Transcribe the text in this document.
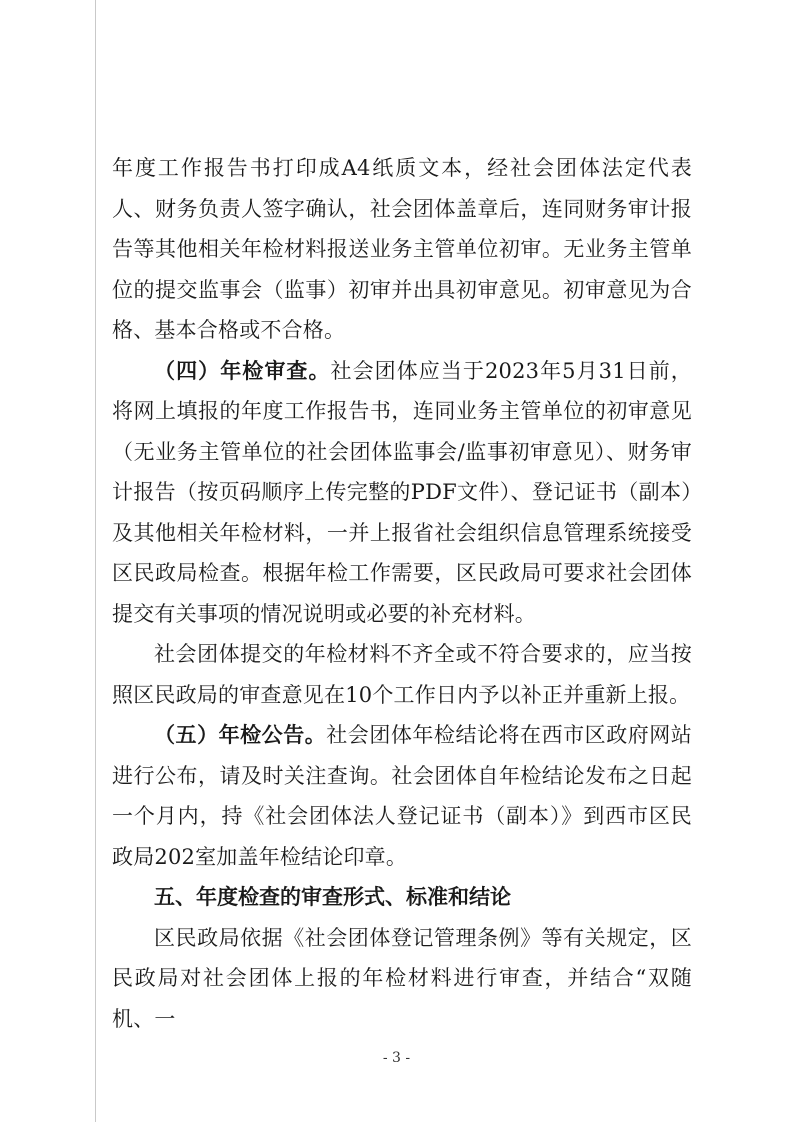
年度工作报告书打印成A4纸质文本，经社会团体法定代表人、财务负责人签字确认，社会团体盖章后，连同财务审计报告等其他相关年检材料报送业务主管单位初审。无业务主管单位的提交监事会（监事）初审并出具初审意见。初审意见为合格、基本合格或不合格。

（四）年检审查。社会团体应当于2023年5月31日前，将网上填报的年度工作报告书，连同业务主管单位的初审意见（无业务主管单位的社会团体监事会/监事初审意见）、财务审计报告（按页码顺序上传完整的PDF文件）、登记证书（副本）及其他相关年检材料，一并上报省社会组织信息管理系统接受区民政局检查。根据年检工作需要，区民政局可要求社会团体提交有关事项的情况说明或必要的补充材料。

社会团体提交的年检材料不齐全或不符合要求的，应当按照区民政局的审查意见在10个工作日内予以补正并重新上报。

（五）年检公告。社会团体年检结论将在西市区政府网站进行公布，请及时关注查询。社会团体自年检结论发布之日起一个月内，持《社会团体法人登记证书（副本）》到西市区民政局202室加盖年检结论印章。

五、年度检查的审查形式、标准和结论

区民政局依据《社会团体登记管理条例》等有关规定，区民政局对社会团体上报的年检材料进行审查，并结合“双随机、一

- 3 -
